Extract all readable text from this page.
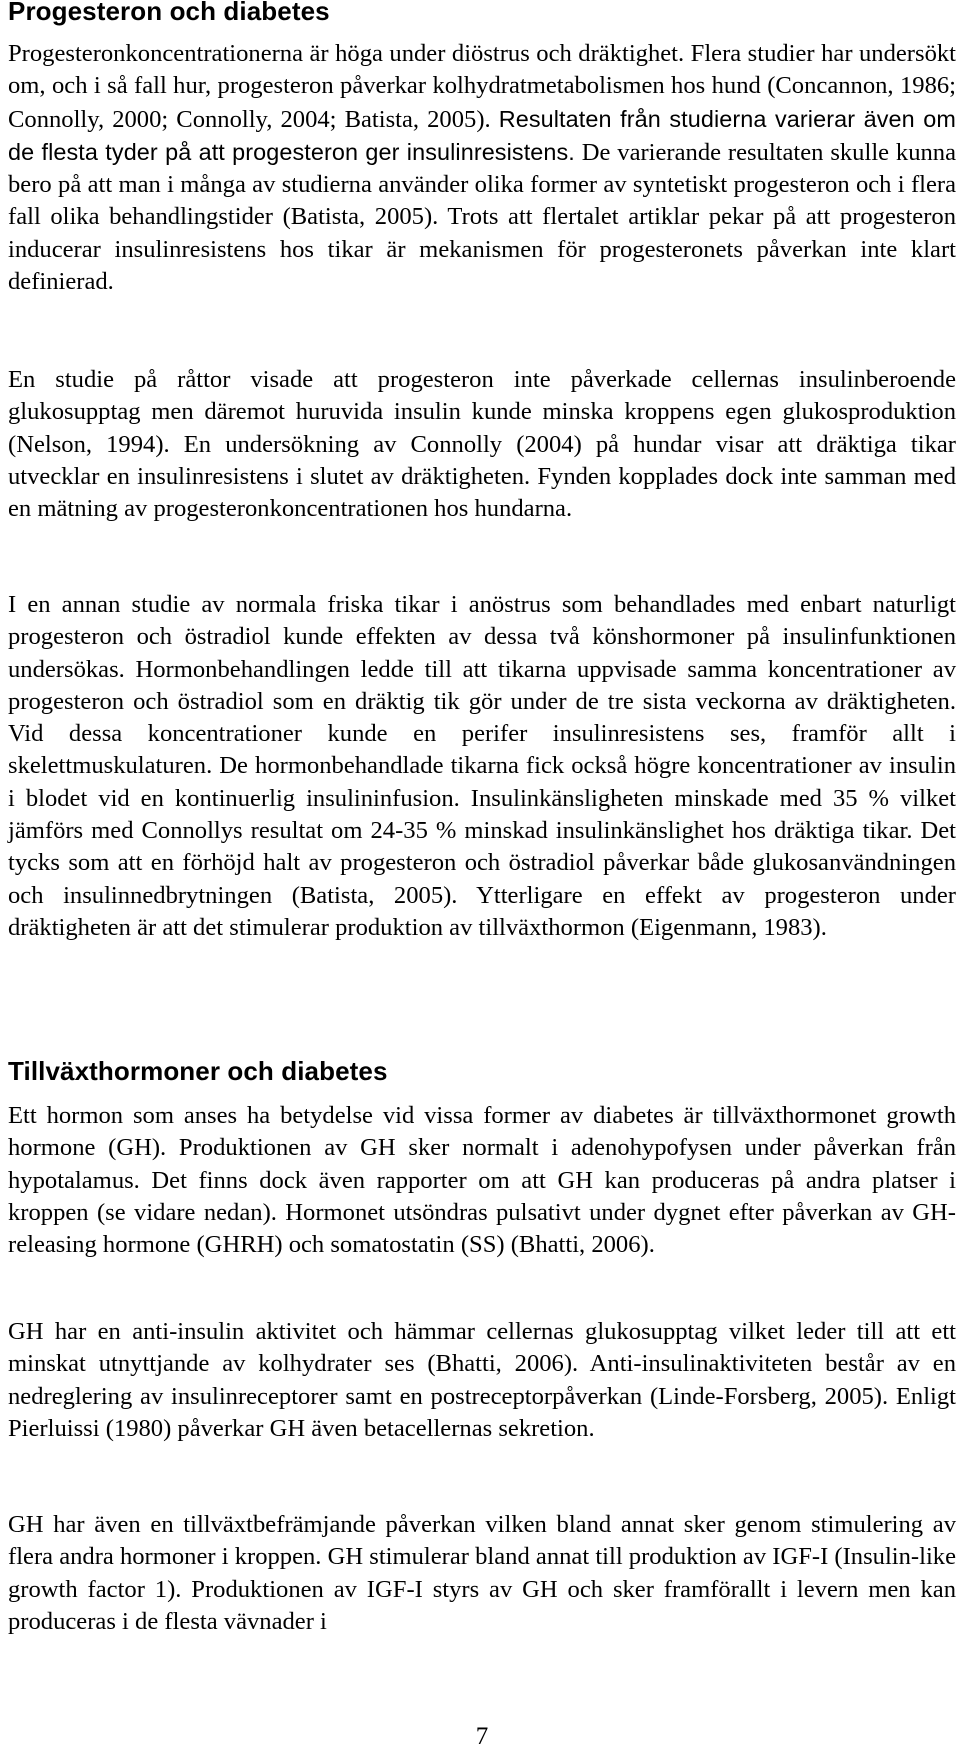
Progesteron och diabetes

Progesteronkoncentrationerna är höga under diöstrus och dräktighet. Flera studier har undersökt om, och i så fall hur, progesteron påverkar kolhydratmetabolismen hos hund (Concannon, 1986; Connolly, 2000; Connolly, 2004; Batista, 2005). Resultaten från studierna varierar även om de flesta tyder på att progesteron ger insulinresistens. De varierande resultaten skulle kunna bero på att man i många av studierna använder olika former av syntetiskt progesteron och i flera fall olika behandlingstider (Batista, 2005). Trots att flertalet artiklar pekar på att progesteron inducerar insulinresistens hos tikar är mekanismen för progesteronets påverkan inte klart definierad.

En studie på råttor visade att progesteron inte påverkade cellernas insulinberoende glukosupptag men däremot huruvida insulin kunde minska kroppens egen glukosproduktion (Nelson, 1994). En undersökning av Connolly (2004) på hundar visar att dräktiga tikar utvecklar en insulinresistens i slutet av dräktigheten. Fynden kopplades dock inte samman med en mätning av progesteronkoncentrationen hos hundarna.

I en annan studie av normala friska tikar i anöstrus som behandlades med enbart naturligt progesteron och östradiol kunde effekten av dessa två könshormoner på insulinfunktionen undersökas. Hormonbehandlingen ledde till att tikarna uppvisade samma koncentrationer av progesteron och östradiol som en dräktig tik gör under de tre sista veckorna av dräktigheten. Vid dessa koncentrationer kunde en perifer insulinresistens ses, framför allt i skelettmuskulaturen. De hormonbehandlade tikarna fick också högre koncentrationer av insulin i blodet vid en kontinuerlig insulininfusion. Insulinkänsligheten minskade med 35 % vilket jämförs med Connollys resultat om 24-35 % minskad insulinkänslighet hos dräktiga tikar. Det tycks som att en förhöjd halt av progesteron och östradiol påverkar både glukosanvändningen och insulinnedbrytningen (Batista, 2005). Ytterligare en effekt av progesteron under dräktigheten är att det stimulerar produktion av tillväxthormon (Eigenmann, 1983).

Tillväxthormoner och diabetes

Ett hormon som anses ha betydelse vid vissa former av diabetes är tillväxthormonet growth hormone (GH). Produktionen av GH sker normalt i adenohypofysen under påverkan från hypotalamus. Det finns dock även rapporter om att GH kan produceras på andra platser i kroppen (se vidare nedan). Hormonet utsöndras pulsativt under dygnet efter påverkan av GH-releasing hormone (GHRH) och somatostatin (SS) (Bhatti, 2006).

GH har en anti-insulin aktivitet och hämmar cellernas glukosupptag vilket leder till att ett minskat utnyttjande av kolhydrater ses (Bhatti, 2006). Anti-insulinaktiviteten består av en nedreglering av insulinreceptorer samt en postreceptorpåverkan (Linde-Forsberg, 2005). Enligt Pierluissi (1980) påverkar GH även betacellernas sekretion.

GH har även en tillväxtbefrämjande påverkan vilken bland annat sker genom stimulering av flera andra hormoner i kroppen. GH stimulerar bland annat till produktion av IGF-I (Insulin-like growth factor 1). Produktionen av IGF-I styrs av GH och sker framförallt i levern men kan produceras i de flesta vävnader i

7
